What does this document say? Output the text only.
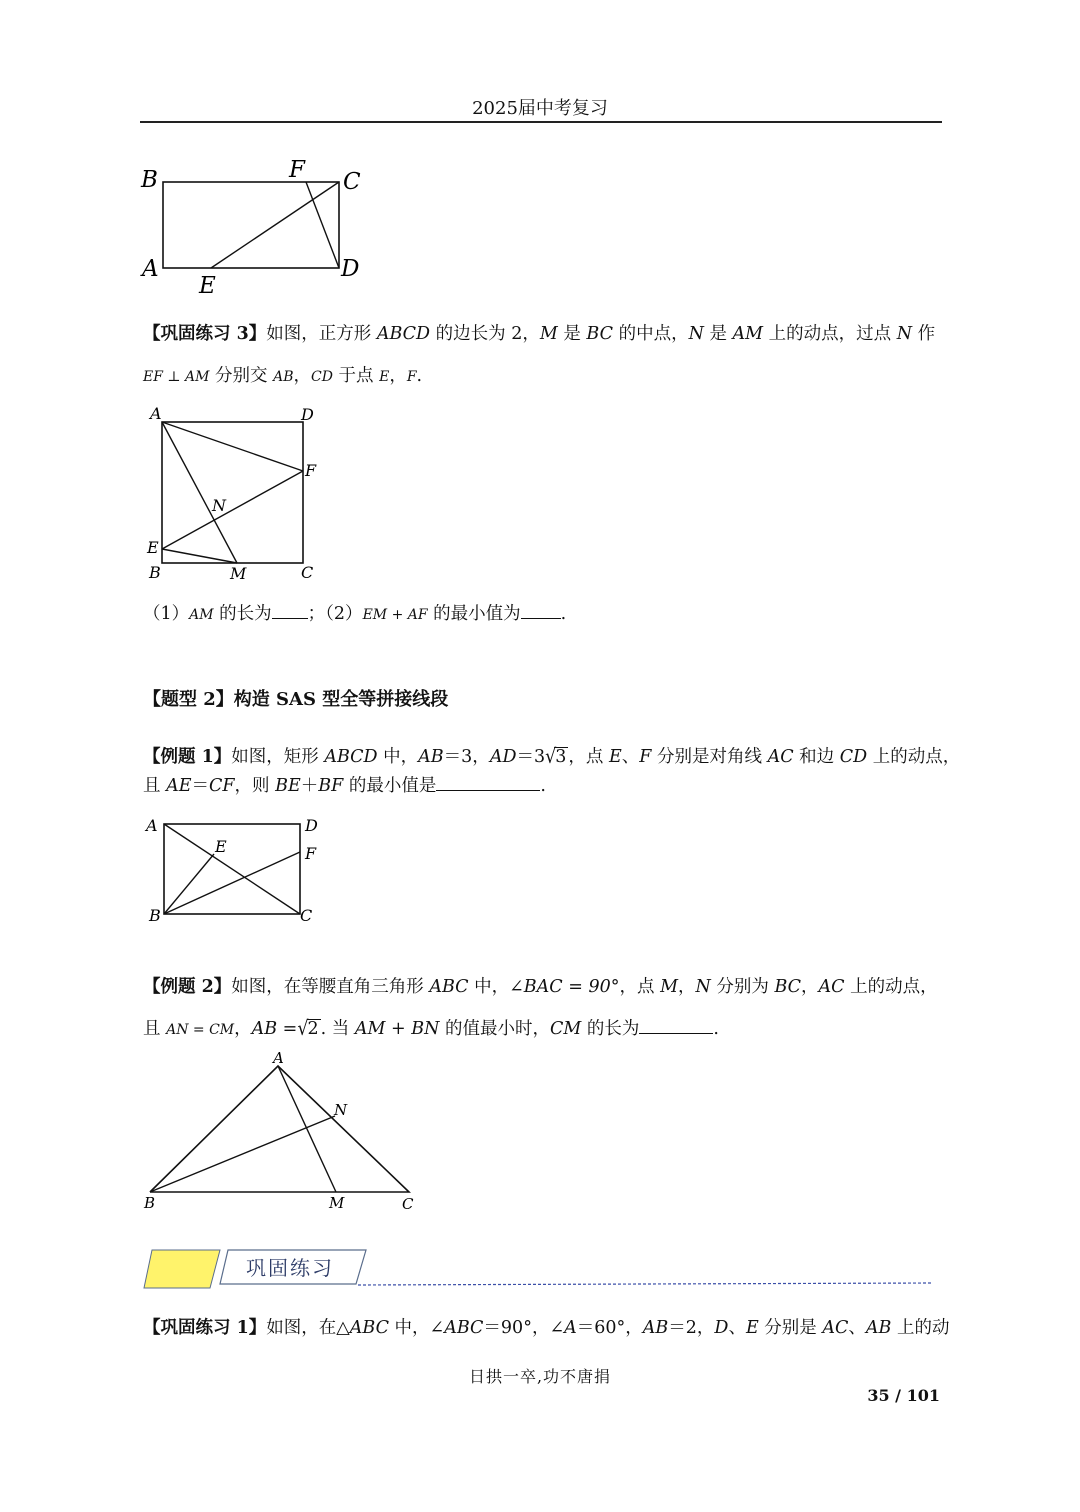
2025届中考复习
B	F C
A
E
D
【巩固练习 3】如图，正方形 ABCD 的边长为 2，M 是 BC 的中点，N 是 AM 上的动点，过点 N 作
EF ⊥ AM 分别交 AB，CD 于点 E，F.
A	D
F
N
E
B	M	C
（1）AM 的长为 ；（2）EM + AF 的最小值为 .
【题型 2】构造 SAS 型全等拼接线段
【例题 1】如图，矩形 ABCD 中，AB＝3，AD＝3√3 ，点 E、F 分别是对角线 AC 和边 CD 上的动点，
且 AE＝CF，则 BE＋BF 的最小值是	.
A	D
E	F
B	C
【例题 2】如图，在等腰直角三角形 ABC 中，∠BAC = 90°，点 M，N 分别为 BC，AC 上的动点，
且 AN = CM，AB =√2 . 当 AM + BN 的值最小时，CM 的长为	.
A
N
B	M	C
巩固练习
【巩固练习 1】如图，在△ABC 中，∠ABC＝90°，∠A＝60°，AB＝2，D、E 分别是 AC、AB 上的动
日拱一卒,功不唐捐
35 / 101
